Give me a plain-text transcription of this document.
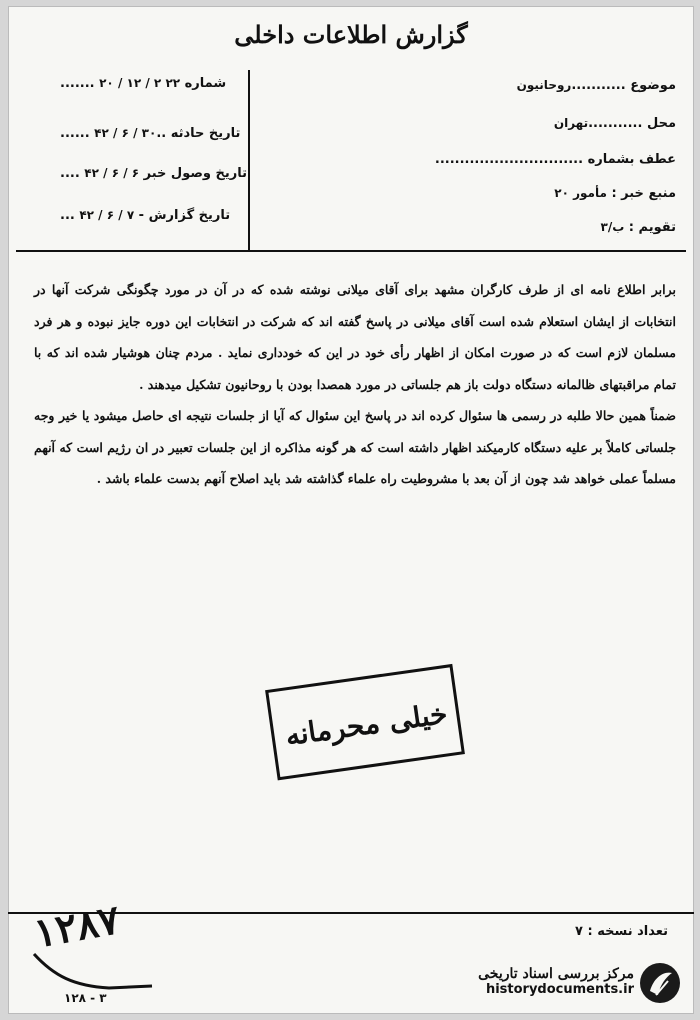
گزارش اطلاعات داخلی
موضوع ...........روحانیون
محل ...........تهران
عطف بشماره ..............................
منبع خبر : مأمور ۲۰
تقویم : ب/۳
شماره ۲۲ ۲ / ۱۲ / ۲۰ .......
تاریخ حادثه ..۳۰ / ۶ / ۴۲ ......
تاریخ وصول خبر ۶ / ۶ / ۴۲ ....
تاریخ گزارش - ۷ / ۶ / ۴۲ ...

برابر اطلاع نامه ای از طرف کارگران مشهد برای آقای میلانی نوشته شده که در آن در مورد چگونگی شرکت آنها در انتخابات از ایشان استعلام شده است آقای میلانی در پاسخ گفته اند که شرکت در انتخابات این دوره جایز نبوده و هر فرد مسلمان لازم است که در صورت امکان از اظهار رأی خود در این که خودداری نماید . مردم چنان هوشیار شده اند که با تمام مراقبتهای ظالمانه دستگاه دولت باز هم جلساتی در مورد همصدا بودن با روحانیون تشکیل میدهند .

ضمناً همین حالا طلبه در رسمی ها سئوال کرده اند در پاسخ این سئوال که آیا از جلسات نتیجه ای حاصل میشود یا خیر وجه جلساتی کاملاً بر علیه دستگاه کارمیکند اظهار داشته است که هر گونه مذاکره از این جلسات تعبیر در ان رژیم است که آنهم مسلماً عملی خواهد شد چون از آن بعد با مشروطیت راه علماء گذاشته شد باید اصلاح آنهم بدست علماء باشد .

خیلی محرمانه
۱۲۸۷
۱۲۸ - ۳
تعداد نسخه : ۷
مرکز بررسی اسناد تاریخی
historydocuments.ir
